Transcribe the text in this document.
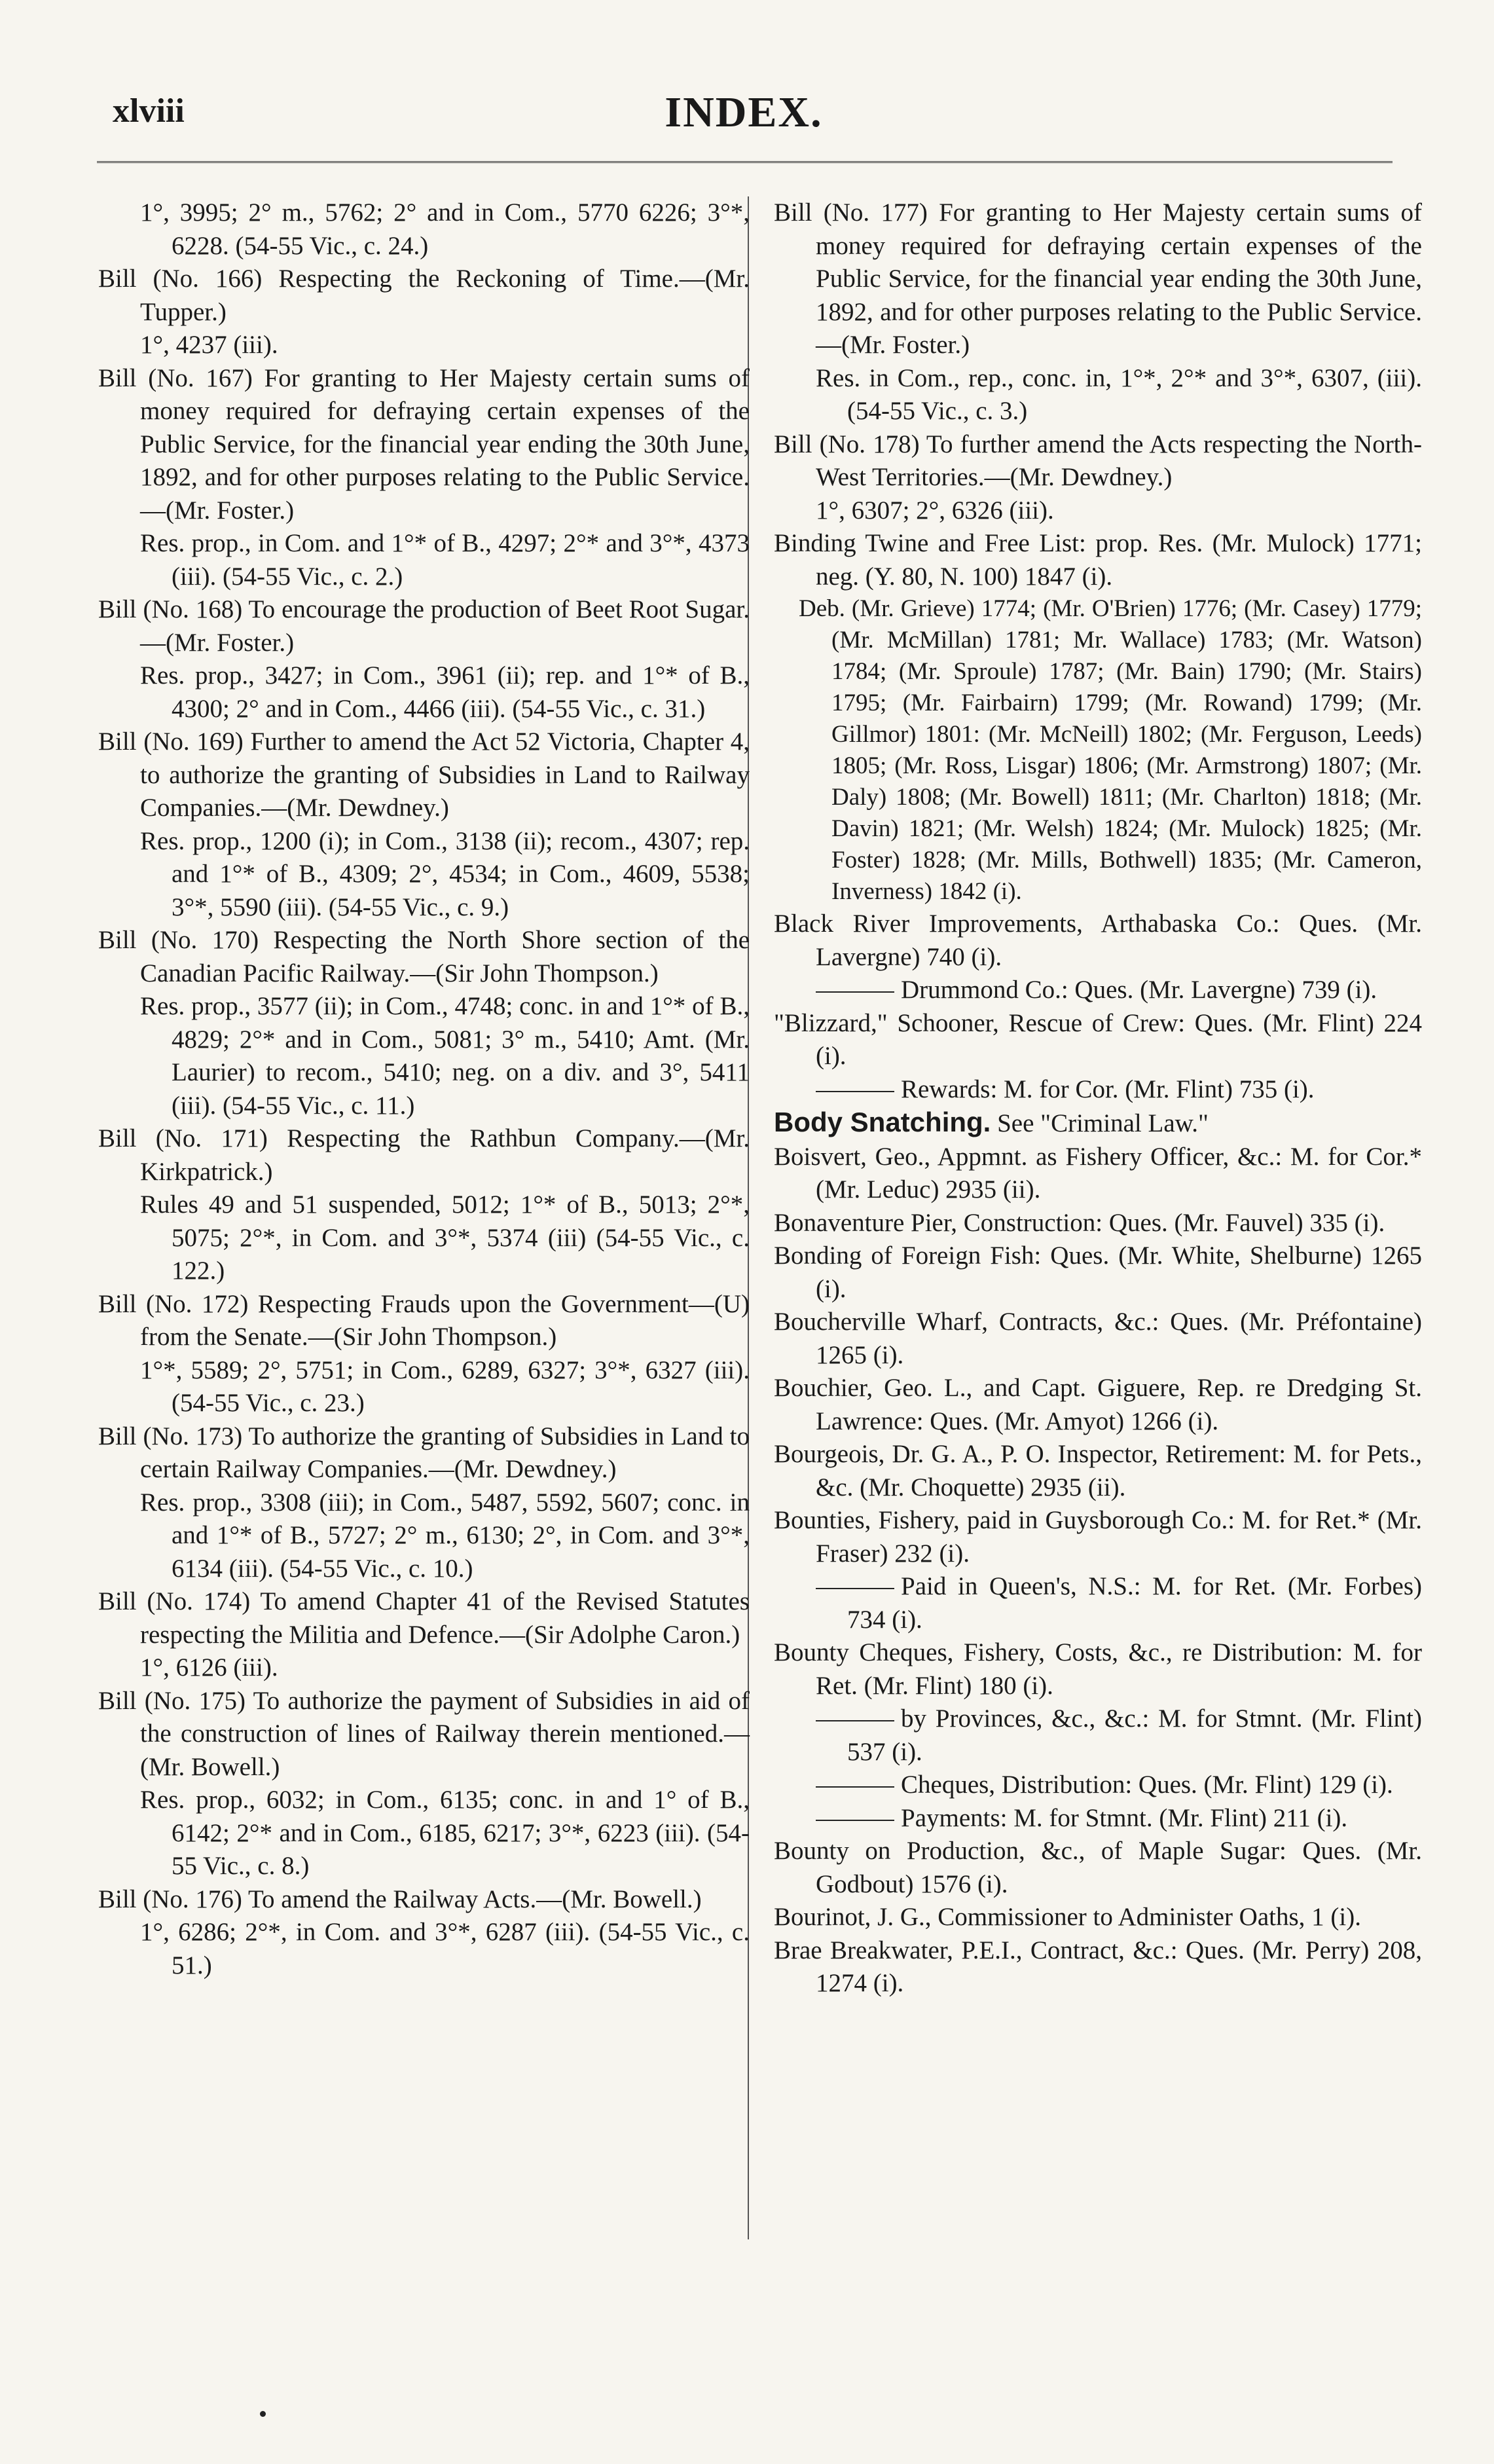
xlviii	INDEX.

1°, 3995; 2° m., 5762; 2° and in Com., 5770 6226; 3°*, 6228. (54-55 Vic., c. 24.)

Bill (No. 166) Respecting the Reckoning of Time.—(Mr. Tupper.)

1°, 4237 (iii).

Bill (No. 167) For granting to Her Majesty certain sums of money required for defraying certain expenses of the Public Service, for the financial year ending the 30th June, 1892, and for other purposes relating to the Public Service.—(Mr. Foster.)

Res. prop., in Com. and 1°* of B., 4297; 2°* and 3°*, 4373 (iii). (54-55 Vic., c. 2.)

Bill (No. 168) To encourage the production of Beet Root Sugar.—(Mr. Foster.)

Res. prop., 3427; in Com., 3961 (ii); rep. and 1°* of B., 4300; 2° and in Com., 4466 (iii). (54-55 Vic., c. 31.)

Bill (No. 169) Further to amend the Act 52 Victoria, Chapter 4, to authorize the granting of Subsidies in Land to Railway Companies.—(Mr. Dewdney.)

Res. prop., 1200 (i); in Com., 3138 (ii); recom., 4307; rep. and 1°* of B., 4309; 2°, 4534; in Com., 4609, 5538; 3°*, 5590 (iii). (54-55 Vic., c. 9.)

Bill (No. 170) Respecting the North Shore section of the Canadian Pacific Railway.—(Sir John Thompson.)

Res. prop., 3577 (ii); in Com., 4748; conc. in and 1°* of B., 4829; 2°* and in Com., 5081; 3° m., 5410; Amt. (Mr. Laurier) to recom., 5410; neg. on a div. and 3°, 5411 (iii). (54-55 Vic., c. 11.)

Bill (No. 171) Respecting the Rathbun Company.—(Mr. Kirkpatrick.)

Rules 49 and 51 suspended, 5012; 1°* of B., 5013; 2°*, 5075; 2°*, in Com. and 3°*, 5374 (iii) (54-55 Vic., c. 122.)

Bill (No. 172) Respecting Frauds upon the Government—(U) from the Senate.—(Sir John Thompson.)

1°*, 5589; 2°, 5751; in Com., 6289, 6327; 3°*, 6327 (iii). (54-55 Vic., c. 23.)

Bill (No. 173) To authorize the granting of Subsidies in Land to certain Railway Companies.—(Mr. Dewdney.)

Res. prop., 3308 (iii); in Com., 5487, 5592, 5607; conc. in and 1°* of B., 5727; 2° m., 6130; 2°, in Com. and 3°*, 6134 (iii). (54-55 Vic., c. 10.)

Bill (No. 174) To amend Chapter 41 of the Revised Statutes respecting the Militia and Defence.—(Sir Adolphe Caron.)

1°, 6126 (iii).

Bill (No. 175) To authorize the payment of Subsidies in aid of the construction of lines of Railway therein mentioned.—(Mr. Bowell.)

Res. prop., 6032; in Com., 6135; conc. in and 1° of B., 6142; 2°* and in Com., 6185, 6217; 3°*, 6223 (iii). (54-55 Vic., c. 8.)

Bill (No. 176) To amend the Railway Acts.—(Mr. Bowell.)

1°, 6286; 2°*, in Com. and 3°*, 6287 (iii). (54-55 Vic., c. 51.)

Bill (No. 177) For granting to Her Majesty certain sums of money required for defraying certain expenses of the Public Service, for the financial year ending the 30th June, 1892, and for other purposes relating to the Public Service.—(Mr. Foster.)

Res. in Com., rep., conc. in, 1°*, 2°* and 3°*, 6307, (iii). (54-55 Vic., c. 3.)

Bill (No. 178) To further amend the Acts respecting the North-West Territories.—(Mr. Dewdney.)

1°, 6307; 2°, 6326 (iii).

Binding Twine and Free List: prop. Res. (Mr. Mulock) 1771; neg. (Y. 80, N. 100) 1847 (i).

Deb. (Mr. Grieve) 1774; (Mr. O'Brien) 1776; (Mr. Casey) 1779; (Mr. McMillan) 1781; Mr. Wallace) 1783; (Mr. Watson) 1784; (Mr. Sproule) 1787; (Mr. Bain) 1790; (Mr. Stairs) 1795; (Mr. Fairbairn) 1799; (Mr. Rowand) 1799; (Mr. Gillmor) 1801: (Mr. McNeill) 1802; (Mr. Ferguson, Leeds) 1805; (Mr. Ross, Lisgar) 1806; (Mr. Armstrong) 1807; (Mr. Daly) 1808; (Mr. Bowell) 1811; (Mr. Charlton) 1818; (Mr. Davin) 1821; (Mr. Welsh) 1824; (Mr. Mulock) 1825; (Mr. Foster) 1828; (Mr. Mills, Bothwell) 1835; (Mr. Cameron, Inverness) 1842 (i).

Black River Improvements, Arthabaska Co.: Ques. (Mr. Lavergne) 740 (i).

Drummond Co.: Ques. (Mr. Lavergne) 739 (i).

"Blizzard," Schooner, Rescue of Crew: Ques. (Mr. Flint) 224 (i).

Rewards: M. for Cor. (Mr. Flint) 735 (i).

Body Snatching. See "Criminal Law."

Boisvert, Geo., Appmnt. as Fishery Officer, &c.: M. for Cor.* (Mr. Leduc) 2935 (ii).

Bonaventure Pier, Construction: Ques. (Mr. Fauvel) 335 (i).

Bonding of Foreign Fish: Ques. (Mr. White, Shelburne) 1265 (i).

Boucherville Wharf, Contracts, &c.: Ques. (Mr. Préfontaine) 1265 (i).

Bouchier, Geo. L., and Capt. Giguere, Rep. re Dredging St. Lawrence: Ques. (Mr. Amyot) 1266 (i).

Bourgeois, Dr. G. A., P. O. Inspector, Retirement: M. for Pets., &c. (Mr. Choquette) 2935 (ii).

Bounties, Fishery, paid in Guysborough Co.: M. for Ret.* (Mr. Fraser) 232 (i).

Paid in Queen's, N.S.: M. for Ret. (Mr. Forbes) 734 (i).

Bounty Cheques, Fishery, Costs, &c., re Distribution: M. for Ret. (Mr. Flint) 180 (i).

by Provinces, &c., &c.: M. for Stmnt. (Mr. Flint) 537 (i).

Cheques, Distribution: Ques. (Mr. Flint) 129 (i).

Payments: M. for Stmnt. (Mr. Flint) 211 (i).

Bounty on Production, &c., of Maple Sugar: Ques. (Mr. Godbout) 1576 (i).

Bourinot, J. G., Commissioner to Administer Oaths, 1 (i).

Brae Breakwater, P.E.I., Contract, &c.: Ques. (Mr. Perry) 208, 1274 (i).
